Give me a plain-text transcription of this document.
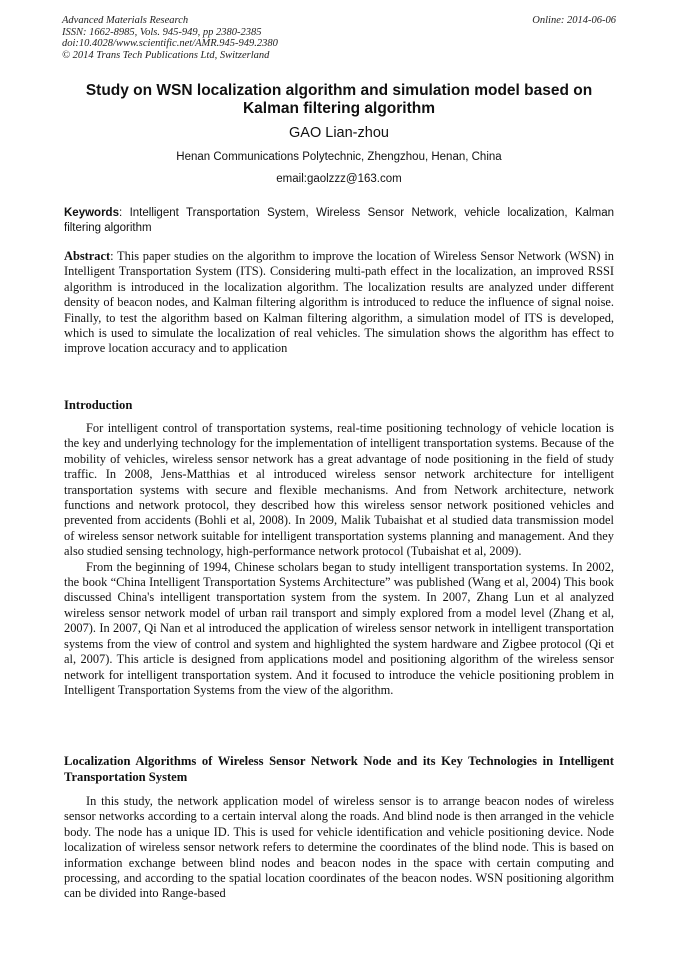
Advanced Materials Research
ISSN: 1662-8985, Vols. 945-949, pp 2380-2385
doi:10.4028/www.scientific.net/AMR.945-949.2380
© 2014 Trans Tech Publications Ltd, Switzerland
Online: 2014-06-06
Study on WSN localization algorithm and simulation model based on Kalman filtering algorithm
GAO Lian-zhou
Henan Communications Polytechnic, Zhengzhou, Henan, China
email:gaolzzz@163.com
Keywords: Intelligent Transportation System, Wireless Sensor Network, vehicle localization, Kalman filtering algorithm
Abstract: This paper studies on the algorithm to improve the location of Wireless Sensor Network (WSN) in Intelligent Transportation System (ITS). Considering multi-path effect in the localization, an improved RSSI algorithm is introduced in the localization algorithm. The localization results are analyzed under different density of beacon nodes, and Kalman filtering algorithm is introduced to reduce the influence of signal noise. Finally, to test the algorithm based on Kalman filtering algorithm, a simulation model of ITS is developed, which is used to simulate the localization of real vehicles. The simulation shows the algorithm has effect to improve location accuracy and to application
Introduction

For intelligent control of transportation systems, real-time positioning technology of vehicle location is the key and underlying technology for the implementation of intelligent transportation systems. Because of the mobility of vehicles, wireless sensor network has a great advantage of node positioning in the field of study traffic. In 2008, Jens-Matthias et al introduced wireless sensor network architecture for intelligent transportation systems with secure and flexible mechanisms. And from Network architecture, network functions and network protocol, they described how this wireless sensor network positioned vehicles and prevented from accidents (Bohli et al, 2008). In 2009, Malik Tubaishat et al studied data transmission model of wireless sensor network suitable for intelligent transportation systems planning and management. And they also studied sensing technology, high-performance network protocol (Tubaishat et al, 2009).

From the beginning of 1994, Chinese scholars began to study intelligent transportation systems. In 2002, the book “China Intelligent Transportation Systems Architecture” was published (Wang et al, 2004) This book discussed China's intelligent transportation system from the system. In 2007, Zhang Lun et al analyzed wireless sensor network model of urban rail transport and simply explored from a model level (Zhang et al, 2007). In 2007, Qi Nan et al introduced the application of wireless sensor network in intelligent transportation systems from the view of control and system and highlighted the system hardware and Zigbee protocol (Qi et al, 2007). This article is designed from applications model and positioning algorithm of the wireless sensor network for intelligent transportation system. And it focused to introduce the vehicle positioning problem in Intelligent Transportation Systems from the view of the algorithm.

Localization Algorithms of Wireless Sensor Network Node and its Key Technologies in Intelligent Transportation System

In this study, the network application model of wireless sensor is to arrange beacon nodes of wireless sensor networks according to a certain interval along the roads. And blind node is then arranged in the vehicle body. The node has a unique ID. This is used for vehicle identification and vehicle positioning device. Node localization of wireless sensor network refers to determine the coordinates of the blind node. This is based on information exchange between blind nodes and beacon nodes in the space with certain computing and processing, and according to the spatial location coordinates of the beacon nodes. WSN positioning algorithm can be divided into Range-based
